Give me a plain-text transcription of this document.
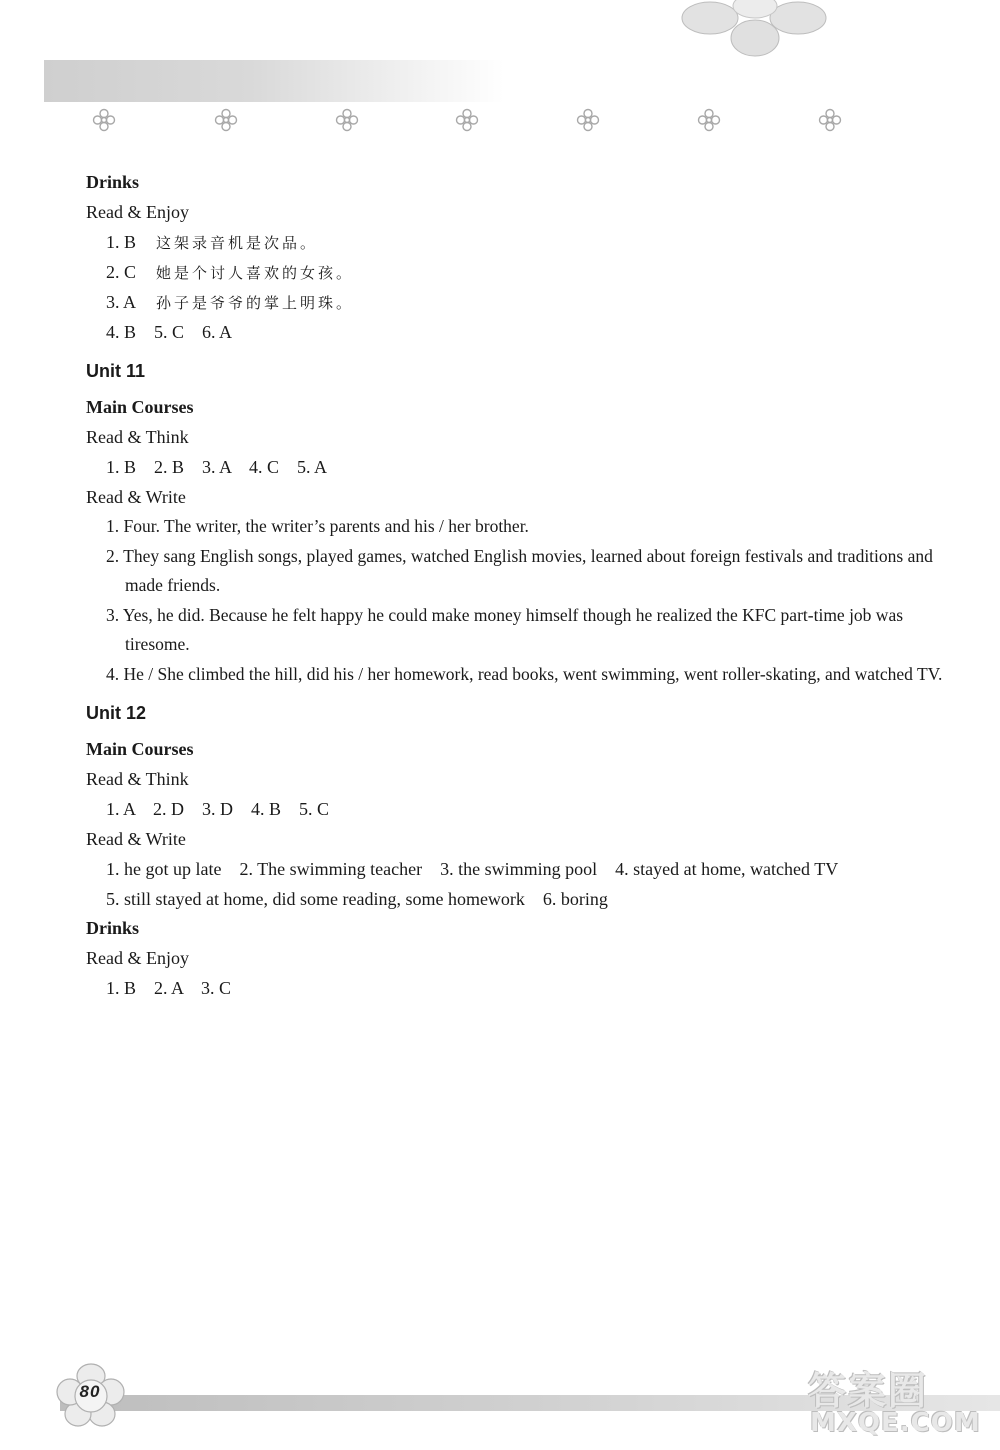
Drinks
Read & Enjoy
1. B 这架录音机是次品。
2. C 她是个讨人喜欢的女孩。
3. A 孙子是爷爷的掌上明珠。
4. B    5. C    6. A
Unit 11
Main Courses
Read & Think
1. B    2. B    3. A    4. C    5. A
Read & Write
1. Four. The writer, the writer’s parents and his / her brother.
2. They sang English songs, played games, watched English movies, learned about foreign festivals and traditions and made friends.
3. Yes, he did. Because he felt happy he could make money himself though he realized the KFC part-time job was tiresome.
4. He / She climbed the hill, did his / her homework, read books, went swimming, went roller-skating, and watched TV.
Unit 12
Main Courses
Read & Think
1. A    2. D    3. D    4. B    5. C
Read & Write
1. he got up late    2. The swimming teacher    3. the swimming pool    4. stayed at home, watched TV
5. still stayed at home, did some reading, some homework    6. boring
Drinks
Read & Enjoy
1. B    2. A    3. C
80	答案圈
MXQE.COM
